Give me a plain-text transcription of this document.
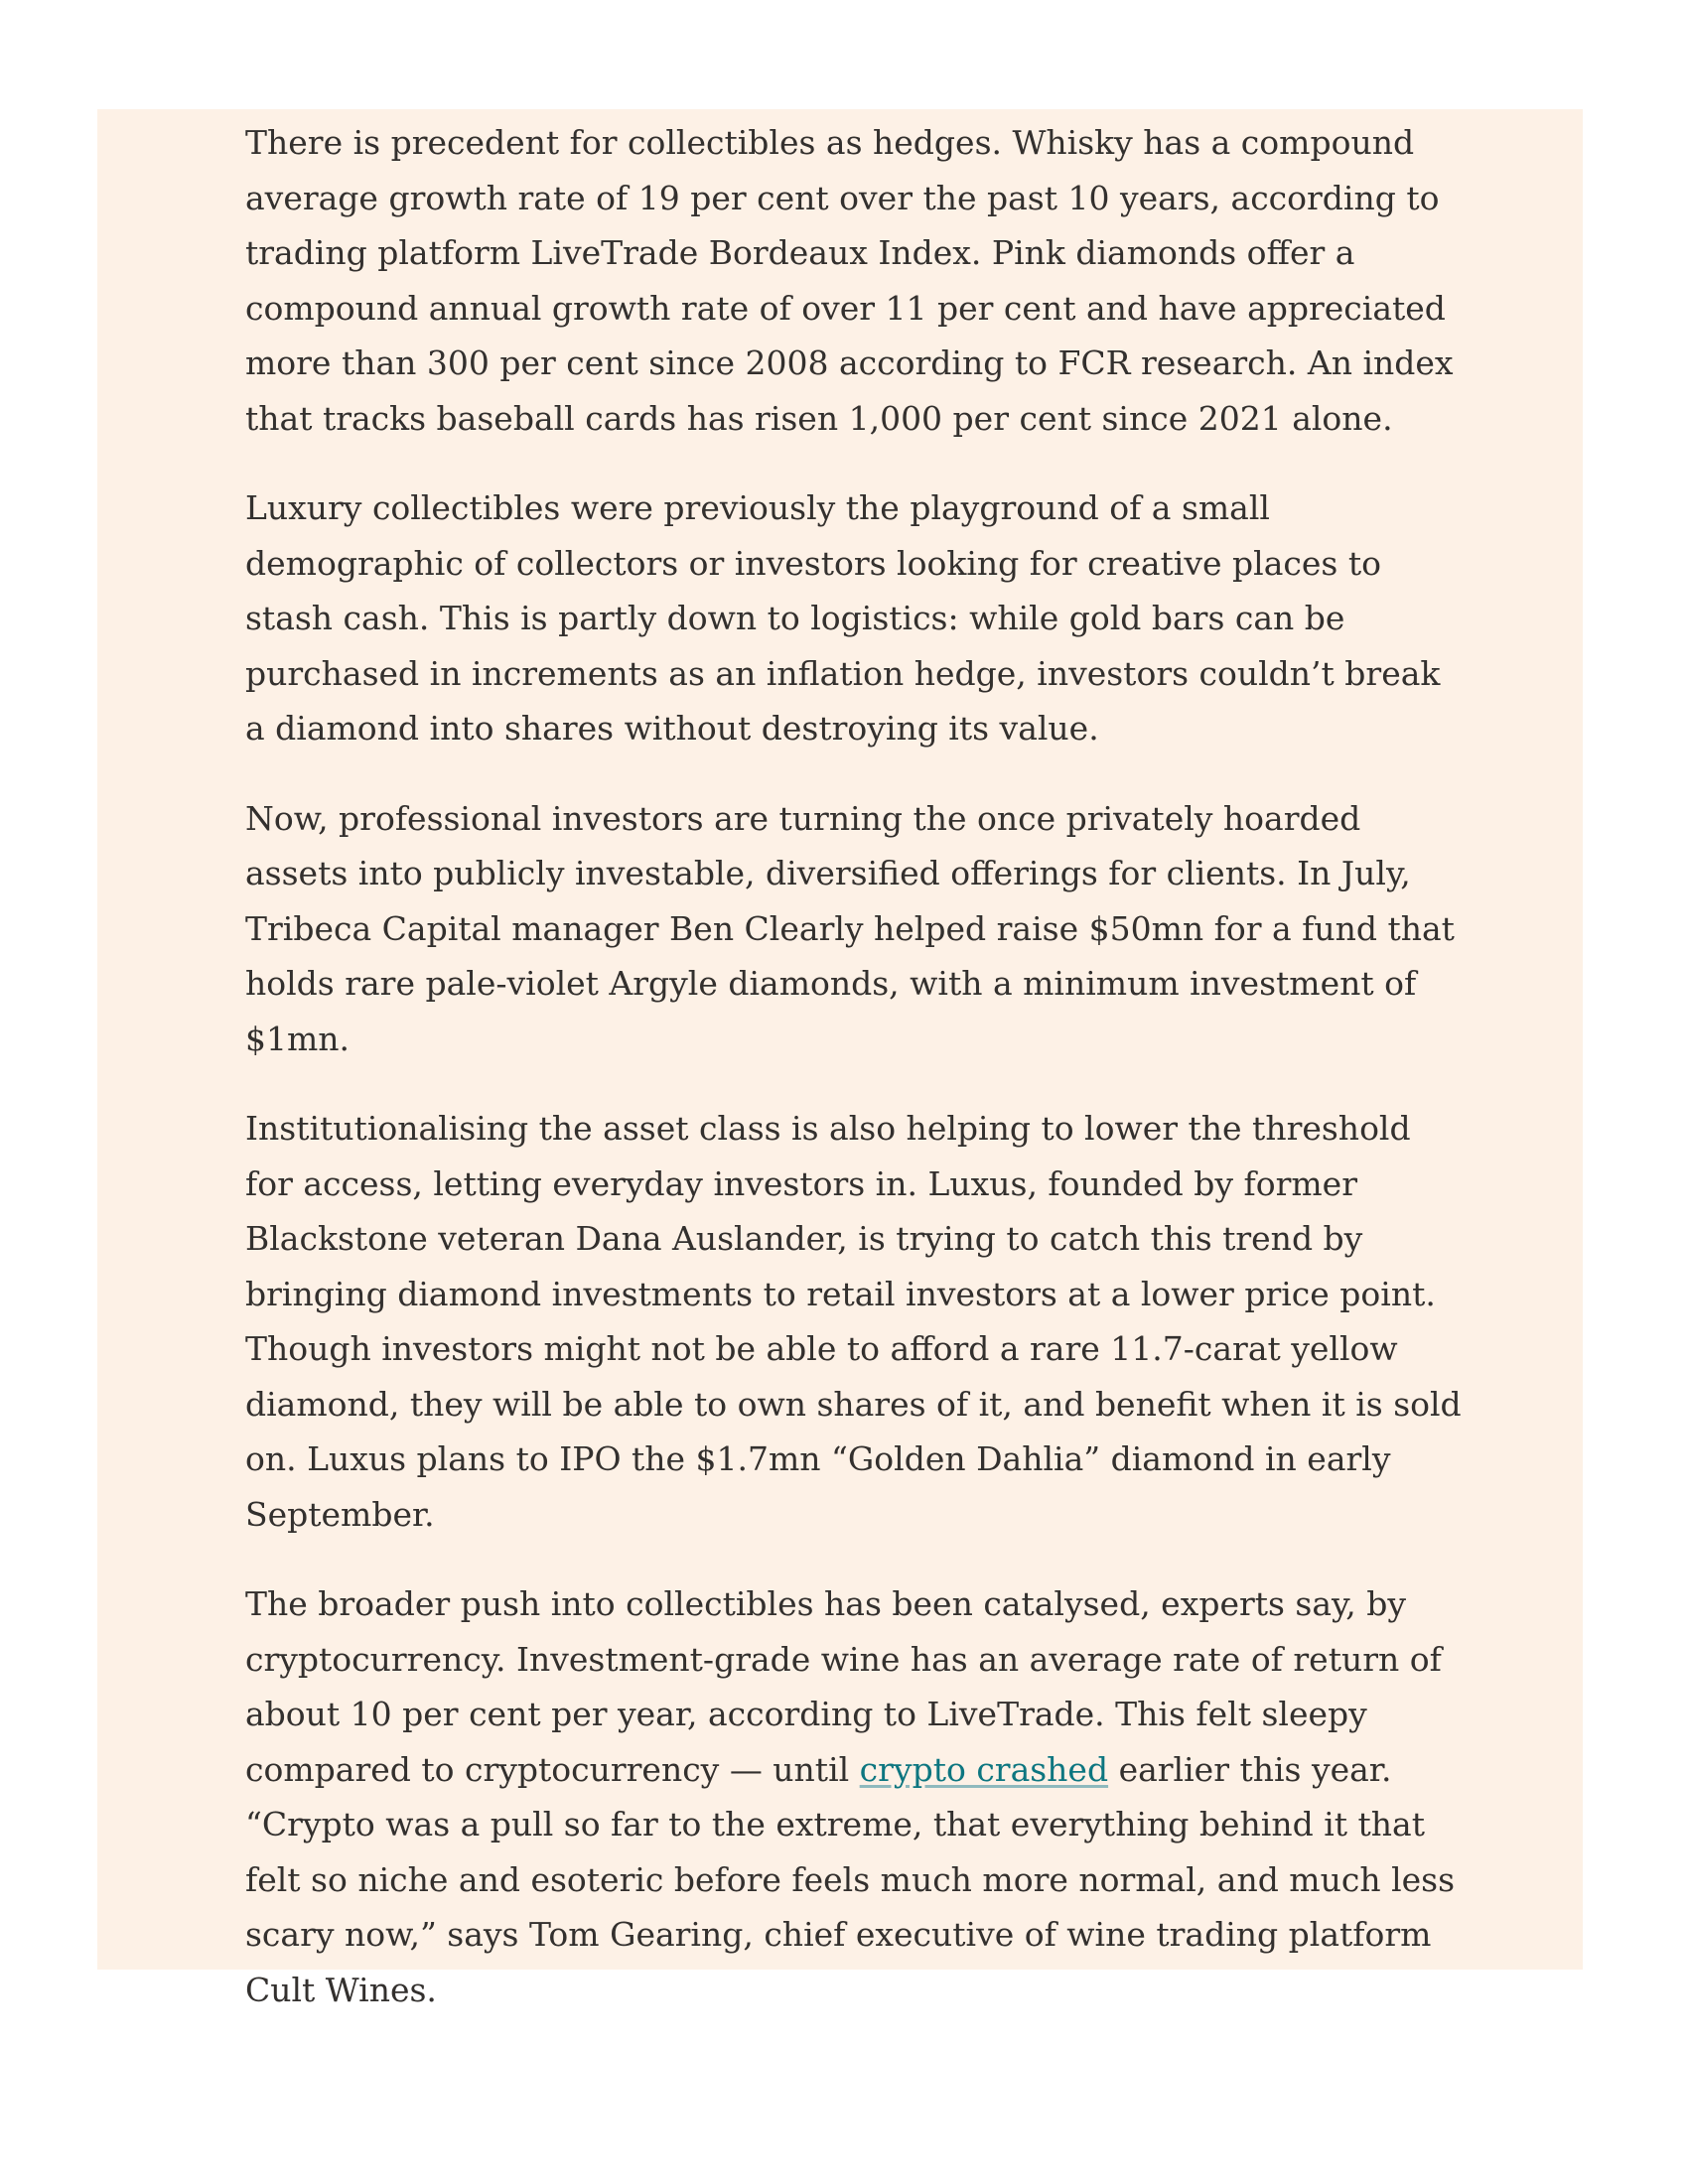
There is precedent for collectibles as hedges. Whisky has a compound average growth rate of 19 per cent over the past 10 years, according to trading platform LiveTrade Bordeaux Index. Pink diamonds offer a compound annual growth rate of over 11 per cent and have appreciated more than 300 per cent since 2008 according to FCR research. An index that tracks baseball cards has risen 1,000 per cent since 2021 alone.

Luxury collectibles were previously the playground of a small demographic of collectors or investors looking for creative places to stash cash. This is partly down to logistics: while gold bars can be purchased in increments as an inflation hedge, investors couldn’t break a diamond into shares without destroying its value.

Now, professional investors are turning the once privately hoarded assets into publicly investable, diversified offerings for clients. In July, Tribeca Capital manager Ben Clearly helped raise $50mn for a fund that holds rare pale-violet Argyle diamonds, with a minimum investment of $1mn.

Institutionalising the asset class is also helping to lower the threshold for access, letting everyday investors in. Luxus, founded by former Blackstone veteran Dana Auslander, is trying to catch this trend by bringing diamond investments to retail investors at a lower price point. Though investors might not be able to afford a rare 11.7-carat yellow diamond, they will be able to own shares of it, and benefit when it is sold on. Luxus plans to IPO the $1.7mn “Golden Dahlia” diamond in early September.

The broader push into collectibles has been catalysed, experts say, by cryptocurrency. Investment-grade wine has an average rate of return of about 10 per cent per year, according to LiveTrade. This felt sleepy compared to cryptocurrency — until crypto crashed earlier this year. “Crypto was a pull so far to the extreme, that everything behind it that felt so niche and esoteric before feels much more normal, and much less scary now,” says Tom Gearing, chief executive of wine trading platform Cult Wines.
